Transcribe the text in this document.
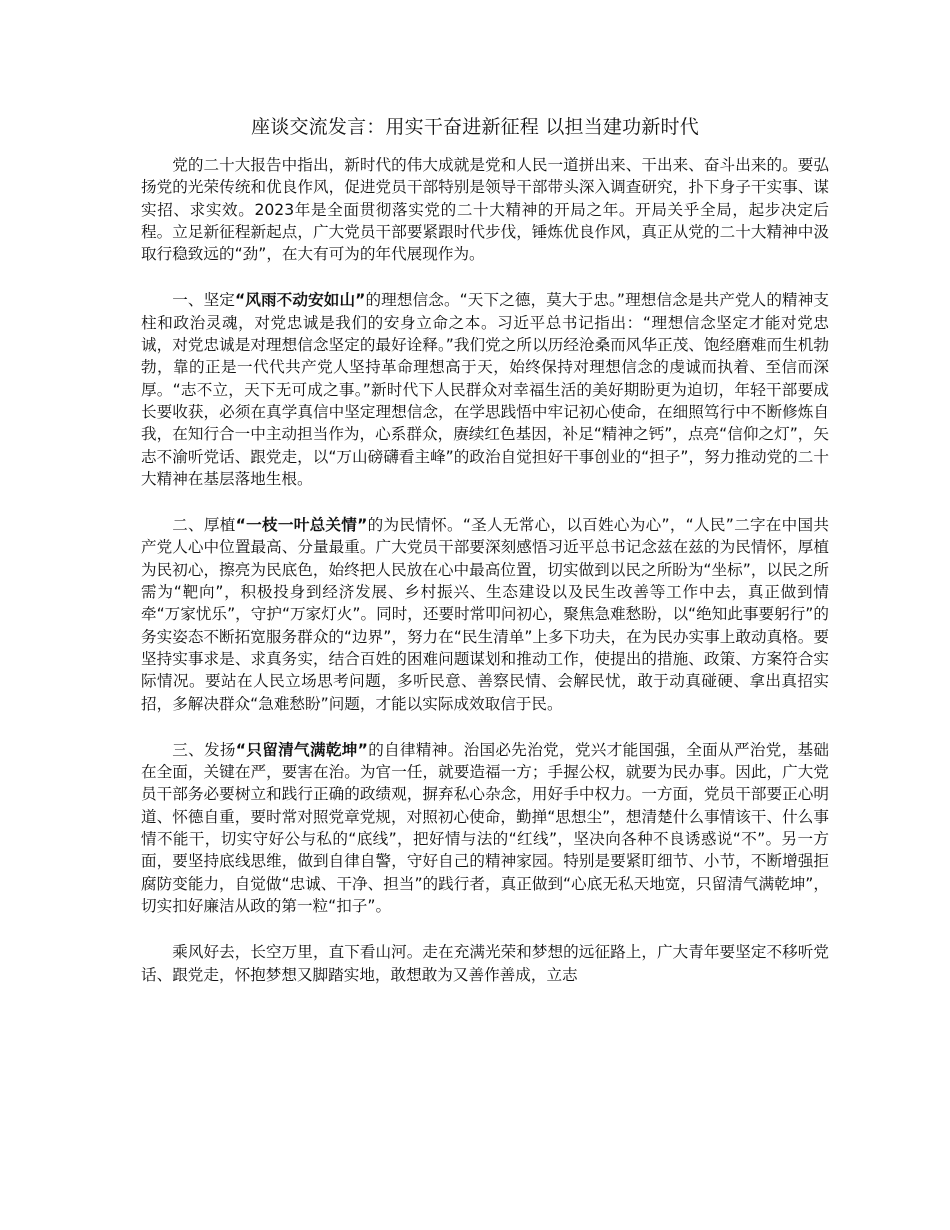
座谈交流发言：用实干奋进新征程 以担当建功新时代

党的二十大报告中指出，新时代的伟大成就是党和人民一道拼出来、干出来、奋斗出来的。要弘扬党的光荣传统和优良作风，促进党员干部特别是领导干部带头深入调查研究，扑下身子干实事、谋实招、求实效。2023年是全面贯彻落实党的二十大精神的开局之年。开局关乎全局，起步决定后程。立足新征程新起点，广大党员干部要紧跟时代步伐，锤炼优良作风，真正从党的二十大精神中汲取行稳致远的“劲”，在大有可为的年代展现作为。

一、坚定“风雨不动安如山”的理想信念。“天下之德，莫大于忠。”理想信念是共产党人的精神支柱和政治灵魂，对党忠诚是我们的安身立命之本。习近平总书记指出：“理想信念坚定才能对党忠诚，对党忠诚是对理想信念坚定的最好诠释。”我们党之所以历经沧桑而风华正茂、饱经磨难而生机勃勃，靠的正是一代代共产党人坚持革命理想高于天，始终保持对理想信念的虔诚而执着、至信而深厚。“志不立，天下无可成之事。”新时代下人民群众对幸福生活的美好期盼更为迫切，年轻干部要成长要收获，必须在真学真信中坚定理想信念，在学思践悟中牢记初心使命，在细照笃行中不断修炼自我，在知行合一中主动担当作为，心系群众，赓续红色基因，补足“精神之钙”，点亮“信仰之灯”，矢志不渝听党话、跟党走，以“万山磅礴看主峰”的政治自觉担好干事创业的“担子”，努力推动党的二十大精神在基层落地生根。

二、厚植“一枝一叶总关情”的为民情怀。“圣人无常心，以百姓心为心”，“人民”二字在中国共产党人心中位置最高、分量最重。广大党员干部要深刻感悟习近平总书记念兹在兹的为民情怀，厚植为民初心，擦亮为民底色，始终把人民放在心中最高位置，切实做到以民之所盼为“坐标”，以民之所需为“靶向”，积极投身到经济发展、乡村振兴、生态建设以及民生改善等工作中去，真正做到情牵“万家忧乐”，守护“万家灯火”。同时，还要时常叩问初心，聚焦急难愁盼，以“绝知此事要躬行”的务实姿态不断拓宽服务群众的“边界”，努力在“民生清单”上多下功夫，在为民办实事上敢动真格。要坚持实事求是、求真务实，结合百姓的困难问题谋划和推动工作，使提出的措施、政策、方案符合实际情况。要站在人民立场思考问题，多听民意、善察民情、会解民忧，敢于动真碰硬、拿出真招实招，多解决群众“急难愁盼”问题，才能以实际成效取信于民。

三、发扬“只留清气满乾坤”的自律精神。治国必先治党，党兴才能国强，全面从严治党，基础在全面，关键在严，要害在治。为官一任，就要造福一方；手握公权，就要为民办事。因此，广大党员干部务必要树立和践行正确的政绩观，摒弃私心杂念，用好手中权力。一方面，党员干部要正心明道、怀德自重，要时常对照党章党规，对照初心使命，勤掸“思想尘”，想清楚什么事情该干、什么事情不能干，切实守好公与私的“底线”，把好情与法的“红线”，坚决向各种不良诱惑说“不”。另一方面，要坚持底线思维，做到自律自警，守好自己的精神家园。特别是要紧盯细节、小节，不断增强拒腐防变能力，自觉做“忠诚、干净、担当”的践行者，真正做到“心底无私天地宽，只留清气满乾坤”，切实扣好廉洁从政的第一粒“扣子”。

乘风好去，长空万里，直下看山河。走在充满光荣和梦想的远征路上，广大青年要坚定不移听党话、跟党走，怀抱梦想又脚踏实地，敢想敢为又善作善成，立志
